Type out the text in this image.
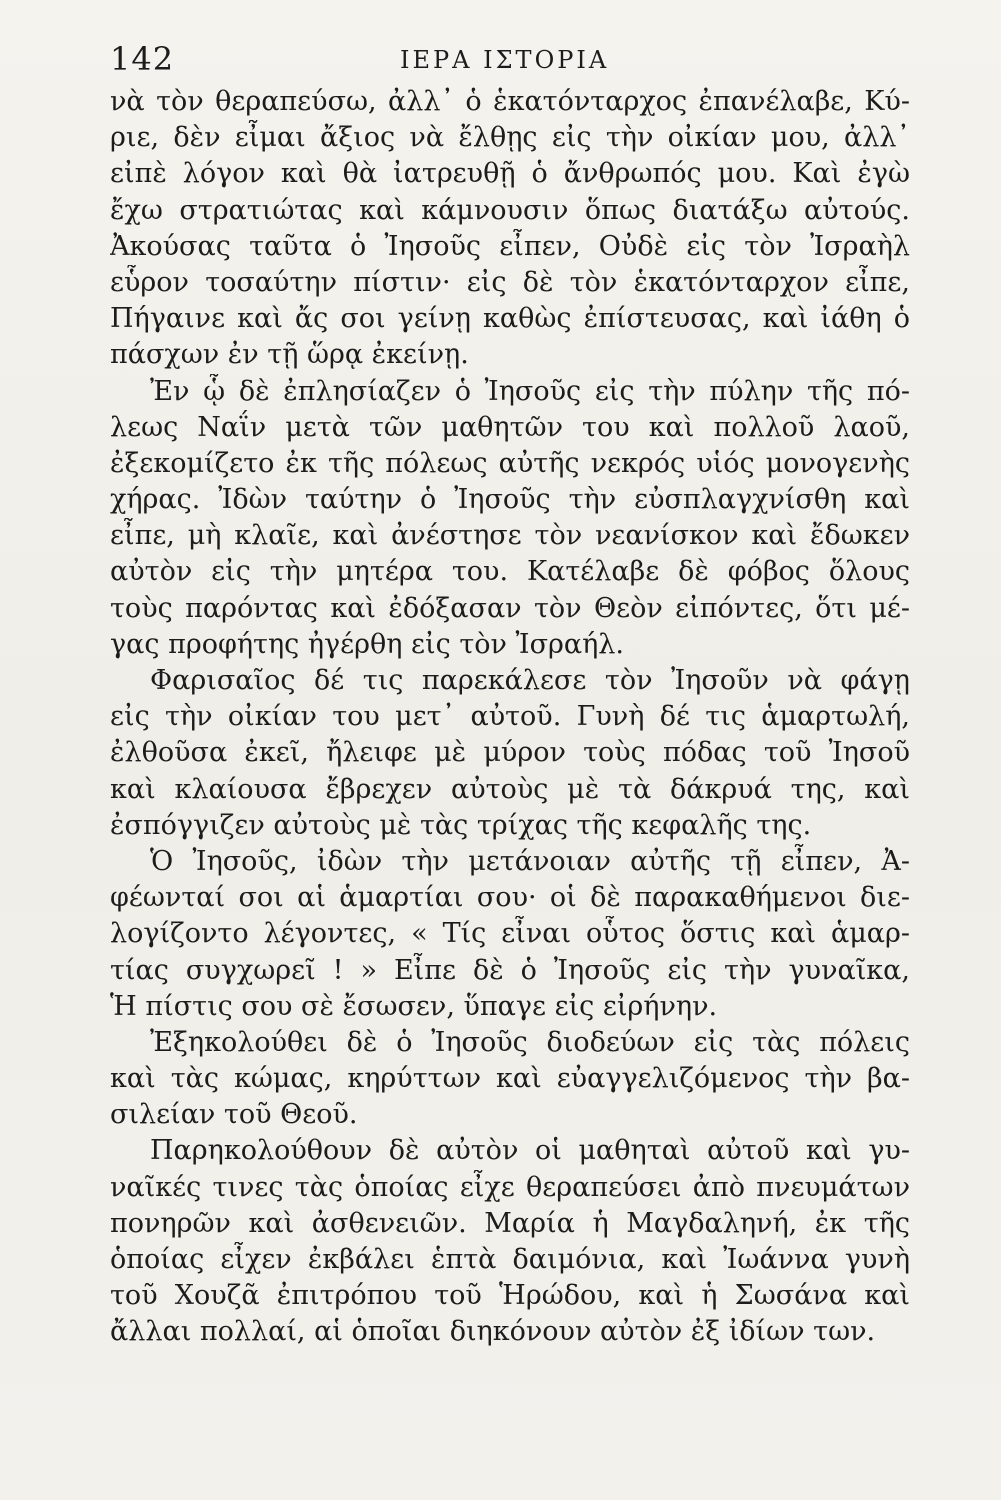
142	ΙΕΡΑ ΙΣΤΟΡΙΑ
νὰ τὸν θεραπεύσω, ἀλλ᾽ ὁ ἑκατόνταρχος ἐπανέλαβε, Κύ-
ριε, δὲν εἶμαι ἄξιος νὰ ἔλθῃς εἰς τὴν οἰκίαν μου, ἀλλ᾽
εἰπὲ λόγον καὶ θὰ ἰατρευθῇ ὁ ἄνθρωπός μου. Καὶ ἐγὼ
ἔχω στρατιώτας καὶ κάμνουσιν ὅπως διατάξω αὐτούς.
Ἀκούσας ταῦτα ὁ Ἰησοῦς εἶπεν, Οὐδὲ εἰς τὸν Ἰσραὴλ
εὗρον τοσαύτην πίστιν· εἰς δὲ τὸν ἑκατόνταρχον εἶπε,
Πήγαινε καὶ ἄς σοι γείνῃ καθὼς ἐπίστευσας, καὶ ἰάθη ὁ
πάσχων ἐν τῇ ὥρᾳ ἐκείνῃ.
Ἐν ᾧ δὲ ἐπλησίαζεν ὁ Ἰησοῦς εἰς τὴν πύλην τῆς πό-
λεως Ναΐν μετὰ τῶν μαθητῶν του καὶ πολλοῦ λαοῦ,
ἐξεκομίζετο ἐκ τῆς πόλεως αὐτῆς νεκρός υἱός μονογενὴς
χήρας. Ἰδὼν ταύτην ὁ Ἰησοῦς τὴν εὐσπλαγχνίσθη καὶ
εἶπε, μὴ κλαῖε, καὶ ἀνέστησε τὸν νεανίσκον καὶ ἔδωκεν
αὐτὸν εἰς τὴν μητέρα του. Κατέλαβε δὲ φόβος ὅλους
τοὺς παρόντας καὶ ἐδόξασαν τὸν Θεὸν εἰπόντες, ὅτι μέ-
γας προφήτης ἠγέρθη εἰς τὸν Ἰσραήλ.
Φαρισαῖος δέ τις παρεκάλεσε τὸν Ἰησοῦν νὰ φάγῃ
εἰς τὴν οἰκίαν του μετ᾽ αὐτοῦ. Γυνὴ δέ τις ἁμαρτωλή,
ἐλθοῦσα ἐκεῖ, ἤλειφε μὲ μύρον τοὺς πόδας τοῦ Ἰησοῦ
καὶ κλαίουσα ἔβρεχεν αὐτοὺς μὲ τὰ δάκρυά της, καὶ
ἐσπόγγιζεν αὐτοὺς μὲ τὰς τρίχας τῆς κεφαλῆς της.
Ὁ Ἰησοῦς, ἰδὼν τὴν μετάνοιαν αὐτῆς τῇ εἶπεν, Ἀ-
φέωνταί σοι αἱ ἁμαρτίαι σου· οἱ δὲ παρακαθήμενοι διε-
λογίζοντο λέγοντες, « Τίς εἶναι οὗτος ὅστις καὶ ἁμαρ-
τίας συγχωρεῖ ! » Εἶπε δὲ ὁ Ἰησοῦς εἰς τὴν γυναῖκα,
Ἡ πίστις σου σὲ ἔσωσεν, ὕπαγε εἰς εἰρήνην.
Ἐξηκολούθει δὲ ὁ Ἰησοῦς διοδεύων εἰς τὰς πόλεις
καὶ τὰς κώμας, κηρύττων καὶ εὐαγγελιζόμενος τὴν βα-
σιλείαν τοῦ Θεοῦ.
Παρηκολούθουν δὲ αὐτὸν οἱ μαθηταὶ αὐτοῦ καὶ γυ-
ναῖκές τινες τὰς ὁποίας εἶχε θεραπεύσει ἀπὸ πνευμάτων
πονηρῶν καὶ ἀσθενειῶν. Μαρία ἡ Μαγδαληνή, ἐκ τῆς
ὁποίας εἶχεν ἐκβάλει ἑπτὰ δαιμόνια, καὶ Ἰωάννα γυνὴ
τοῦ Χουζᾶ ἐπιτρόπου τοῦ Ἡρώδου, καὶ ἡ Σωσάνα καὶ
ἄλλαι πολλαί, αἱ ὁποῖαι διηκόνουν αὐτὸν ἐξ ἰδίων των.
